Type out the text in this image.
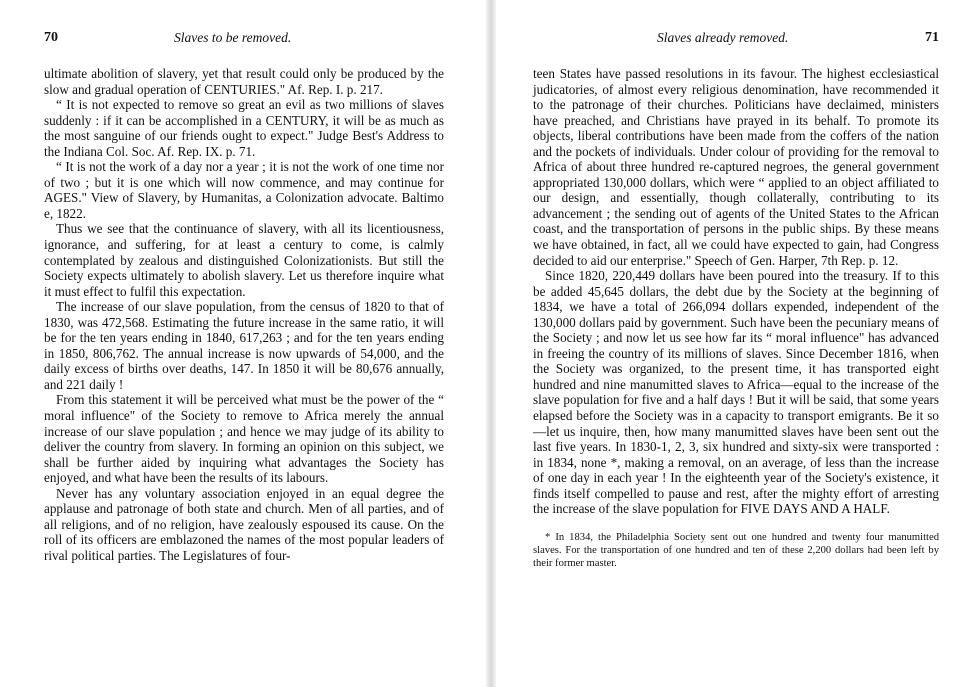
70	Slaves to be removed.

ultimate abolition of slavery, yet that result could only be produced by the slow and gradual operation of CENTURIES." Af. Rep. I. p. 217.

“ It is not expected to remove so great an evil as two millions of slaves suddenly : if it can be accomplished in a CENTURY, it will be as much as the most sanguine of our friends ought to expect." Judge Best's Address to the Indiana Col. Soc. Af. Rep. IX. p. 71.

“ It is not the work of a day nor a year ; it is not the work of one time nor of two ; but it is one which will now commence, and may continue for AGES." View of Slavery, by Humanitas, a Colonization advocate. Baltimo e, 1822.

Thus we see that the continuance of slavery, with all its licentiousness, ignorance, and suffering, for at least a century to come, is calmly contemplated by zealous and distinguished Colonizationists. But still the Society expects ultimately to abolish slavery. Let us therefore inquire what it must effect to fulfil this expectation.

The increase of our slave population, from the census of 1820 to that of 1830, was 472,568. Estimating the future increase in the same ratio, it will be for the ten years ending in 1840, 617,263 ; and for the ten years ending in 1850, 806,762. The annual increase is now upwards of 54,000, and the daily excess of births over deaths, 147. In 1850 it will be 80,676 annually, and 221 daily !

From this statement it will be perceived what must be the power of the “ moral influence" of the Society to remove to Africa merely the annual increase of our slave population ; and hence we may judge of its ability to deliver the country from slavery. In forming an opinion on this subject, we shall be further aided by inquiring what advantages the Society has enjoyed, and what have been the results of its labours.

Never has any voluntary association enjoyed in an equal degree the applause and patronage of both state and church. Men of all parties, and of all religions, and of no religion, have zealously espoused its cause. On the roll of its officers are emblazoned the names of the most popular leaders of rival political parties. The Legislatures of four-

Slaves already removed.	71

teen States have passed resolutions in its favour. The highest ecclesiastical judicatories, of almost every religious denomination, have recommended it to the patronage of their churches. Politicians have declaimed, ministers have preached, and Christians have prayed in its behalf. To promote its objects, liberal contributions have been made from the coffers of the nation and the pockets of individuals. Under colour of providing for the removal to Africa of about three hundred re-captured negroes, the general government appropriated 130,000 dollars, which were “ applied to an object affiliated to our design, and essentially, though collaterally, contributing to its advancement ; the sending out of agents of the United States to the African coast, and the transportation of persons in the public ships. By these means we have obtained, in fact, all we could have expected to gain, had Congress decided to aid our enterprise." Speech of Gen. Harper, 7th Rep. p. 12.

Since 1820, 220,449 dollars have been poured into the treasury. If to this be added 45,645 dollars, the debt due by the Society at the beginning of 1834, we have a total of 266,094 dollars expended, independent of the 130,000 dollars paid by government. Such have been the pecuniary means of the Society ; and now let us see how far its “ moral influence" has advanced in freeing the country of its millions of slaves. Since December 1816, when the Society was organized, to the present time, it has transported eight hundred and nine manumitted slaves to Africa—equal to the increase of the slave population for five and a half days ! But it will be said, that some years elapsed before the Society was in a capacity to transport emigrants. Be it so—let us inquire, then, how many manumitted slaves have been sent out the last five years. In 1830-1, 2, 3, six hundred and sixty-six were transported : in 1834, none *, making a removal, on an average, of less than the increase of one day in each year ! In the eighteenth year of the Society's existence, it finds itself compelled to pause and rest, after the mighty effort of arresting the increase of the slave population for FIVE DAYS AND A HALF.

* In 1834, the Philadelphia Society sent out one hundred and twenty four manumitted slaves. For the transportation of one hundred and ten of these 2,200 dollars had been left by their former master.
